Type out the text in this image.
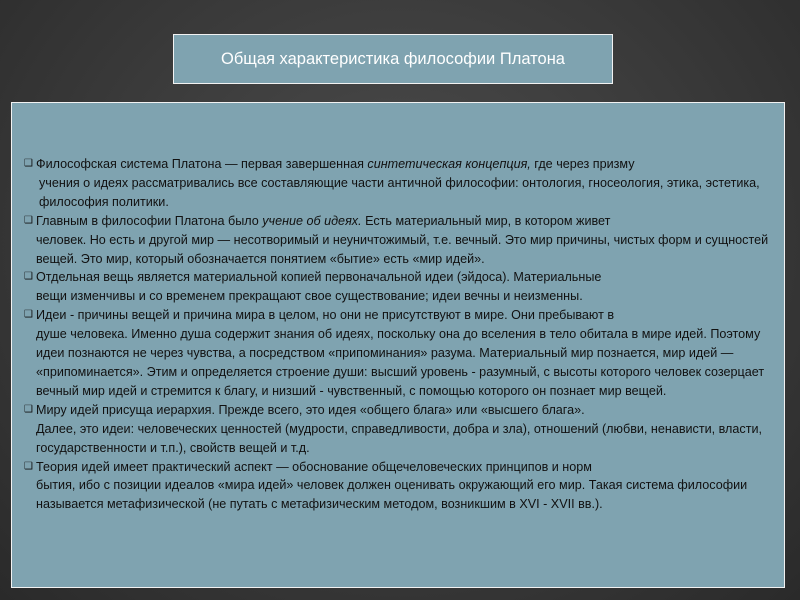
Общая характеристика философии Платона
❑ Философская система Платона — первая завершенная синтетическая концепция, где через призму
учения о идеях рассматривались все составляющие части античной философии: онтология, гносеология, этика, эстетика, философия политики.
❑ Главным в философии Платона было учение об идеях. Есть материальный мир, в котором живет
человек. Но есть и другой мир — несотворимый и неуничтожимый, т.е. вечный. Это мир причины, чистых форм и сущностей вещей. Это мир, который обозначается понятием «бытие» есть «мир идей».
❑ Отдельная вещь является материальной копией первоначальной идеи (эйдоса). Материальные
вещи изменчивы и со временем прекращают свое существование; идеи вечны и неизменны.
❑ Идеи - причины вещей и причина мира в целом, но они не присутствуют в мире. Они пребывают в
душе человека. Именно душа содержит знания об идеях, поскольку она до вселения в тело обитала в мире идей. Поэтому идеи познаются не через чувства, а посредством «припоминания» разума. Материальный мир познается, мир идей — «припоминается». Этим и определяется строение души: высший уровень - разумный, с высоты которого человек созерцает вечный мир идей и стремится к благу, и низший - чувственный, с помощью которого он познает мир вещей.
❑ Миру идей присуща иерархия. Прежде всего, это идея «общего блага» или «высшего блага».
Далее, это идеи: человеческих ценностей (мудрости, справедливости, добра и зла), отношений (любви, ненависти, власти, государственности и т.п.), свойств вещей и т.д.
❑ Теория идей имеет практический аспект — обоснование общечеловеческих принципов и норм
бытия, ибо с позиции идеалов «мира идей» человек должен оценивать окружающий его мир. Такая система философии называется метафизической (не путать с метафизическим методом, возникшим в XVI - XVII вв.).
